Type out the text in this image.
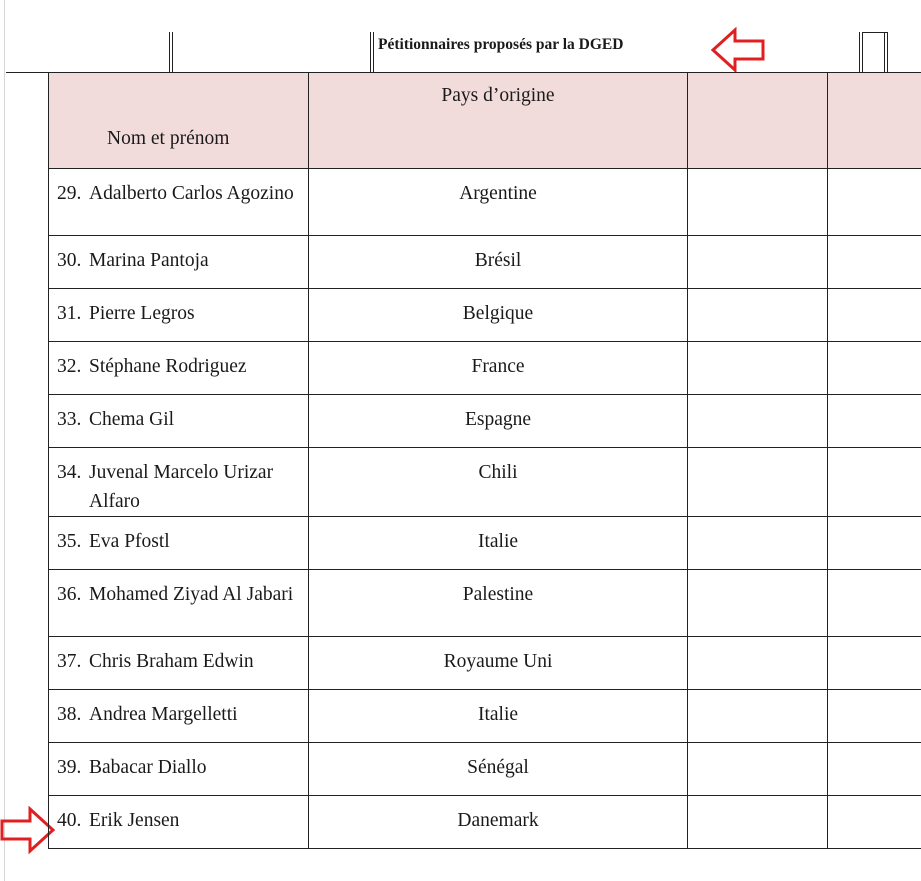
Pétitionnaires proposés par la DGED
Nom et prénom	Pays d’origine		

29. Adalberto Carlos Agozino	Argentine		

30. Marina Pantoja	Brésil		

31. Pierre Legros	Belgique		

32. Stéphane Rodriguez	France		

33. Chema Gil	Espagne		

34. Juvenal Marcelo Urizar Alfaro	Chili		

35. Eva Pfostl	Italie		

36. Mohamed Ziyad Al Jabari	Palestine		

37. Chris Braham Edwin	Royaume Uni		

38. Andrea Margelletti	Italie		

39. Babacar Diallo	Sénégal		

40. Erik Jensen	Danemark		
